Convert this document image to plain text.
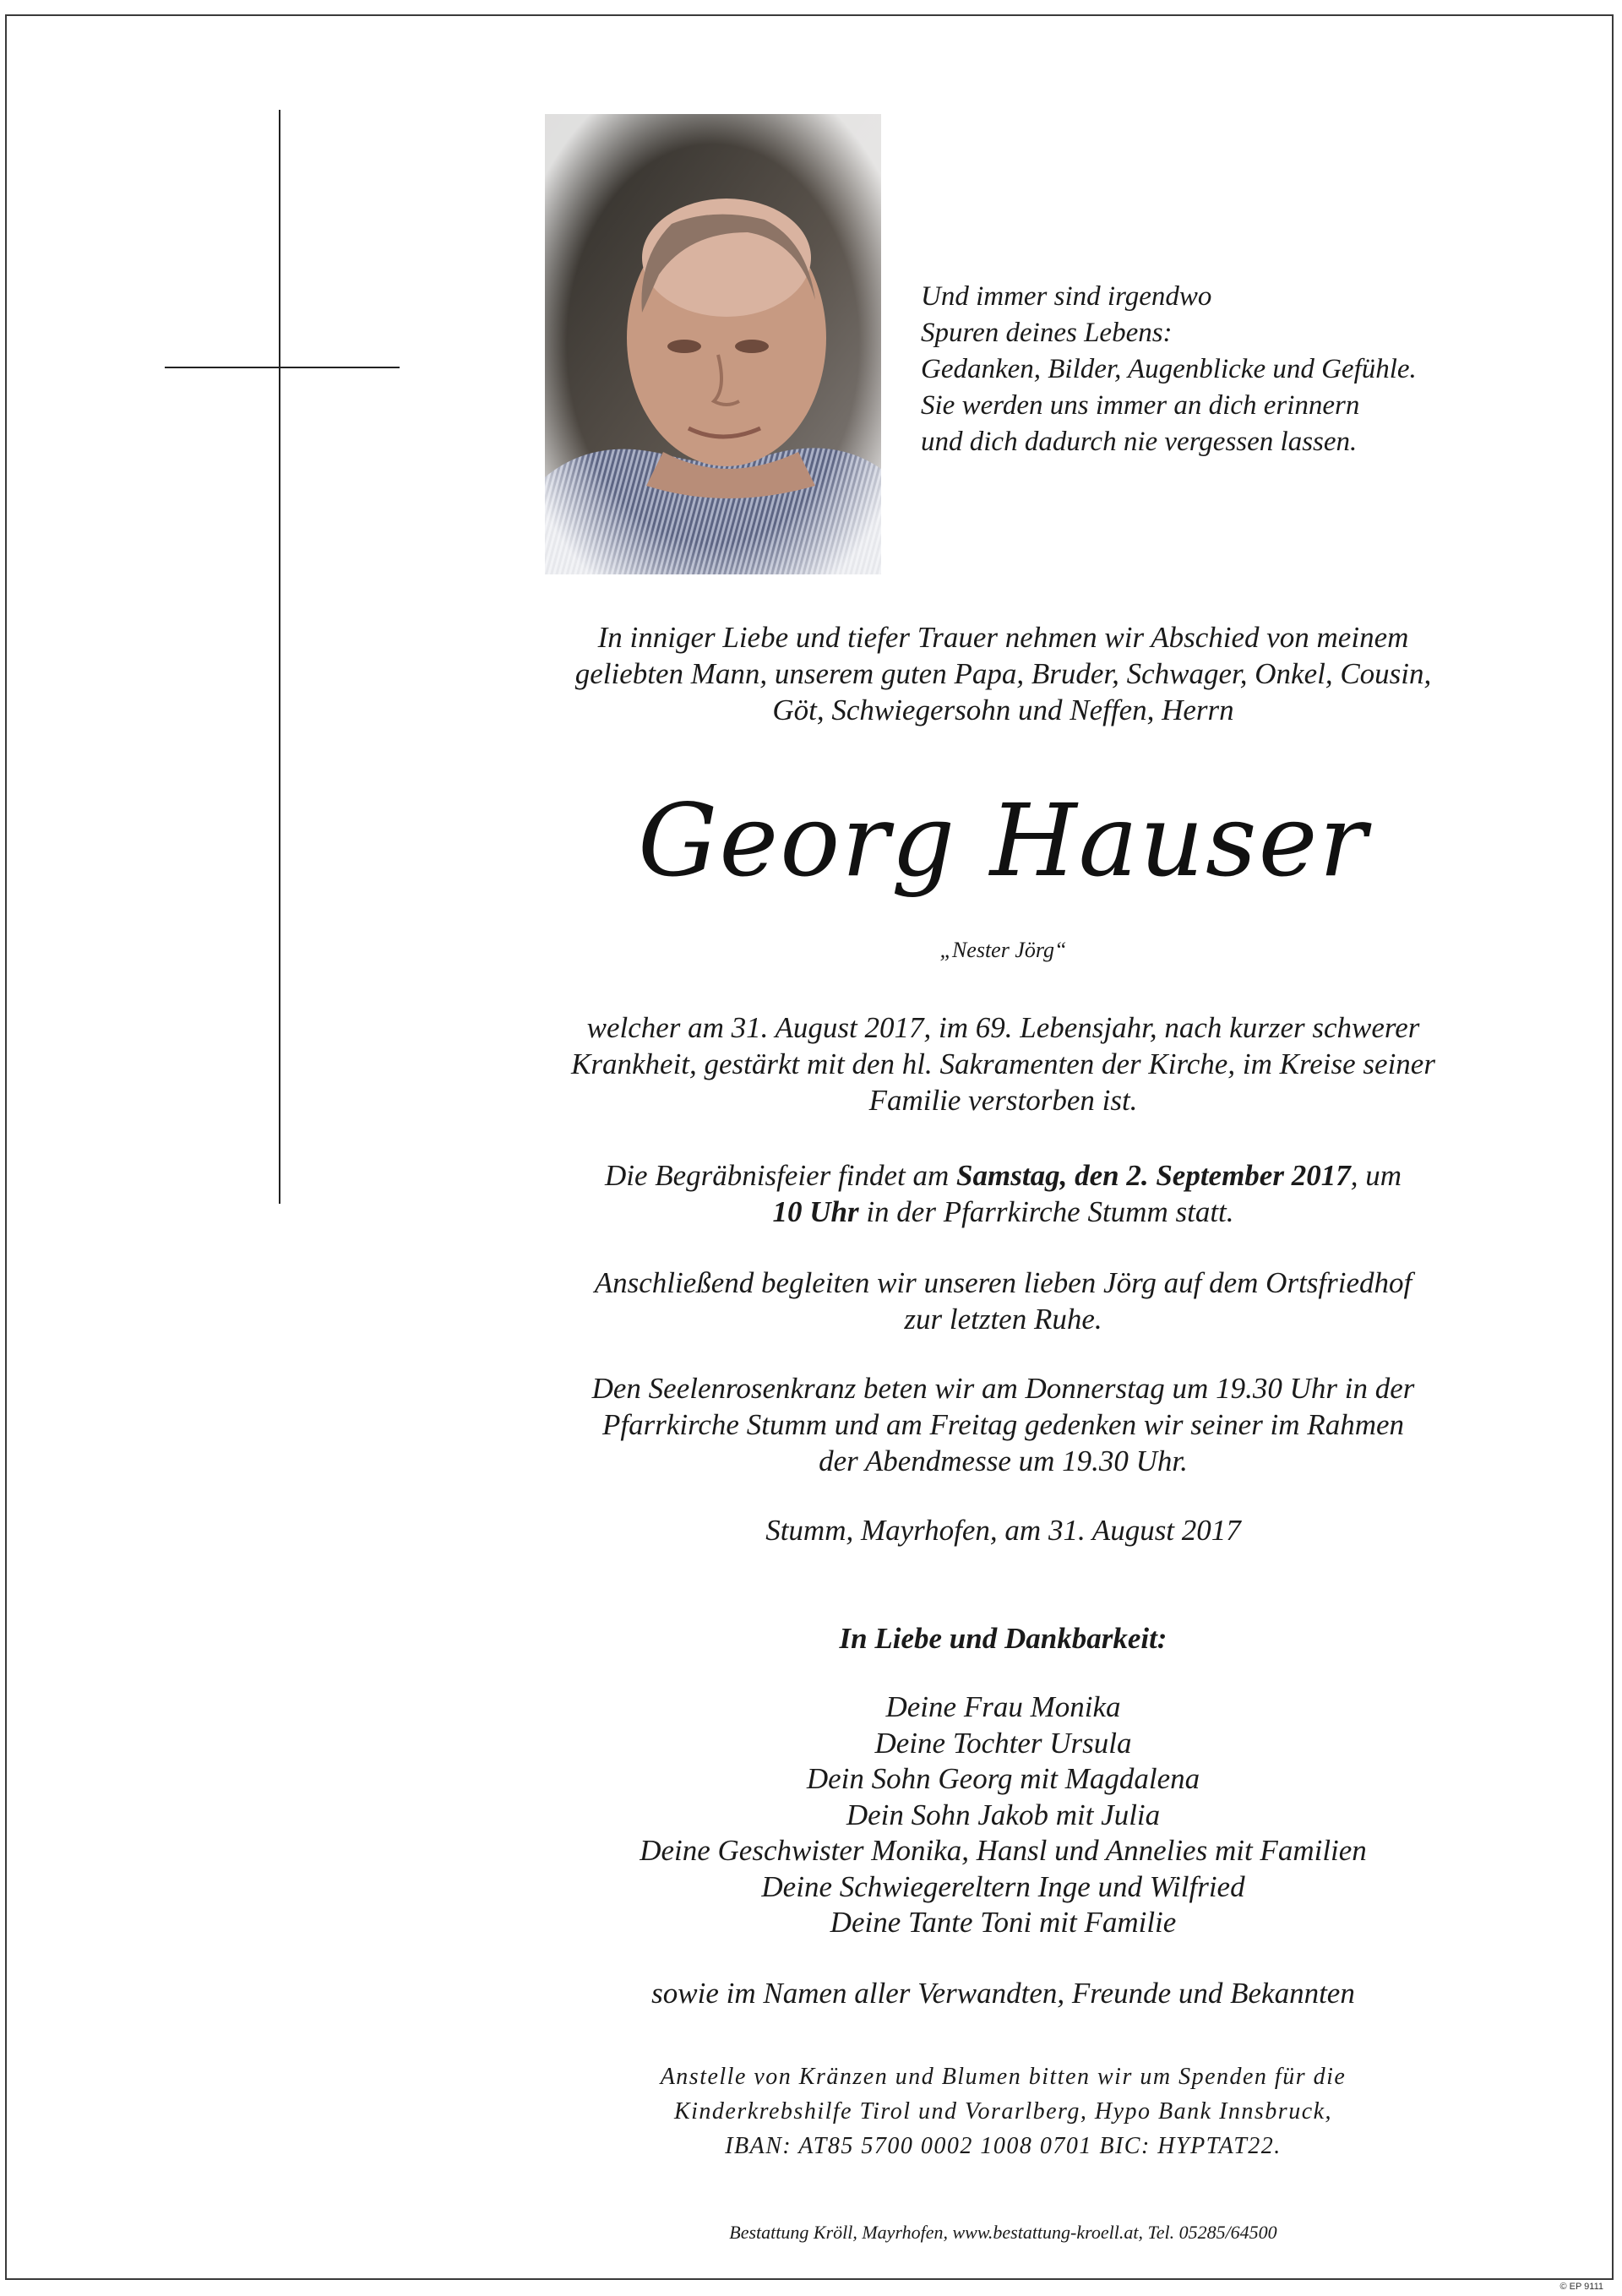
Und immer sind irgendwo
Spuren deines Lebens:
Gedanken, Bilder, Augenblicke und Gefühle.
Sie werden uns immer an dich erinnern
und dich dadurch nie vergessen lassen.
In inniger Liebe und tiefer Trauer nehmen wir Abschied von meinem
geliebten Mann, unserem guten Papa, Bruder, Schwager, Onkel, Cousin,
Göt, Schwiegersohn und Neffen, Herrn
Georg Hauser
„Nester Jörg“
welcher am 31. August 2017, im 69. Lebensjahr, nach kurzer schwerer
Krankheit, gestärkt mit den hl. Sakramenten der Kirche, im Kreise seiner
Familie verstorben ist.
Die Begräbnisfeier findet am Samstag, den 2. September 2017, um
10 Uhr in der Pfarrkirche Stumm statt.
Anschließend begleiten wir unseren lieben Jörg auf dem Ortsfriedhof
zur letzten Ruhe.
Den Seelenrosenkranz beten wir am Donnerstag um 19.30 Uhr in der
Pfarrkirche Stumm und am Freitag gedenken wir seiner im Rahmen
der Abendmesse um 19.30 Uhr.
Stumm, Mayrhofen, am 31. August 2017
In Liebe und Dankbarkeit:
Deine Frau Monika
Deine Tochter Ursula
Dein Sohn Georg mit Magdalena
Dein Sohn Jakob mit Julia
Deine Geschwister Monika, Hansl und Annelies mit Familien
Deine Schwiegereltern Inge und Wilfried
Deine Tante Toni mit Familie
sowie im Namen aller Verwandten, Freunde und Bekannten
Anstelle von Kränzen und Blumen bitten wir um Spenden für die
Kinderkrebshilfe Tirol und Vorarlberg, Hypo Bank Innsbruck,
IBAN: AT85 5700 0002 1008 0701 BIC: HYPTAT22.
Bestattung Kröll, Mayrhofen, www.bestattung-kroell.at, Tel. 05285/64500
© EP 9111
